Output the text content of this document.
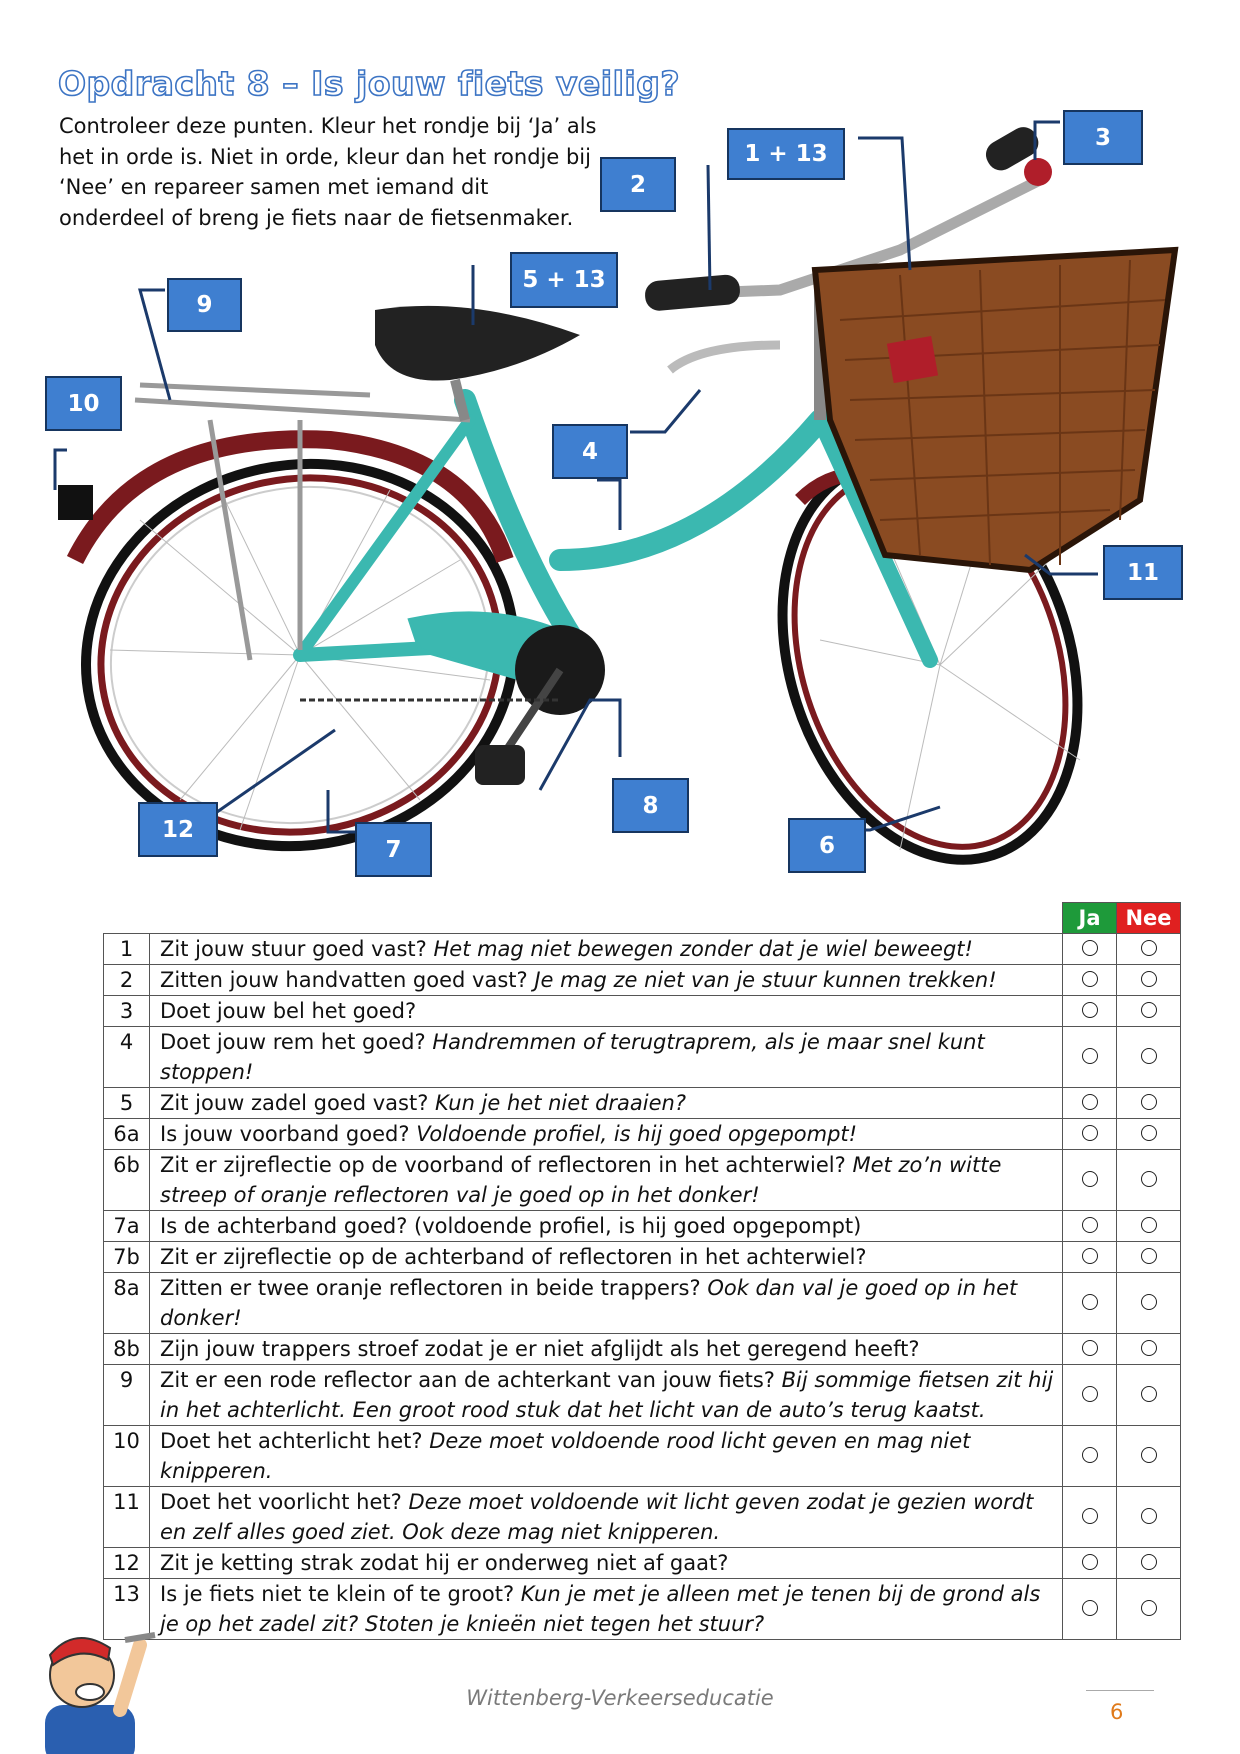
Opdracht 8 – Is jouw fiets veilig?
Controleer deze punten. Kleur het rondje bij ‘Ja’ als
het in orde is. Niet in orde, kleur dan het rondje bij
‘Nee’ en repareer samen met iemand dit
onderdeel of breng je fiets naar de fietsenmaker.
1 + 13
2
3
4
5 + 13
6
7
8
9
10
11
12
		Ja	Nee
1	Zit jouw stuur goed vast? Het mag niet bewegen zonder dat je wiel beweegt!		
2	Zitten jouw handvatten goed vast? Je mag ze niet van je stuur kunnen trekken!		
3	Doet jouw bel het goed?		
4	Doet jouw rem het goed? Handremmen of terugtraprem, als je maar snel kunt stoppen!		
5	Zit jouw zadel goed vast? Kun je het niet draaien?		
6a	Is jouw voorband goed? Voldoende profiel, is hij goed opgepompt!		
6b	Zit er zijreflectie op de voorband of reflectoren in het achterwiel? Met zo’n witte streep of oranje reflectoren val je goed op in het donker!		
7a	Is de achterband goed? (voldoende profiel, is hij goed opgepompt)		
7b	Zit er zijreflectie op de achterband of reflectoren in het achterwiel?		
8a	Zitten er twee oranje reflectoren in beide trappers? Ook dan val je goed op in het donker!		
8b	Zijn jouw trappers stroef zodat je er niet afglijdt als het geregend heeft?		
9	Zit er een rode reflector aan de achterkant van jouw fiets? Bij sommige fietsen zit hij in het achterlicht. Een groot rood stuk dat het licht van de auto’s terug kaatst.		
10	Doet het achterlicht het? Deze moet voldoende rood licht geven en mag niet knipperen.		
11	Doet het voorlicht het? Deze moet voldoende wit licht geven zodat je gezien wordt en zelf alles goed ziet. Ook deze mag niet knipperen.		
12	Zit je ketting strak zodat hij er onderweg niet af gaat?		
13	Is je fiets niet te klein of te groot? Kun je met je alleen met je tenen bij de grond als je op het zadel zit? Stoten je knieën niet tegen het stuur?		
Wittenberg-Verkeerseducatie
6
